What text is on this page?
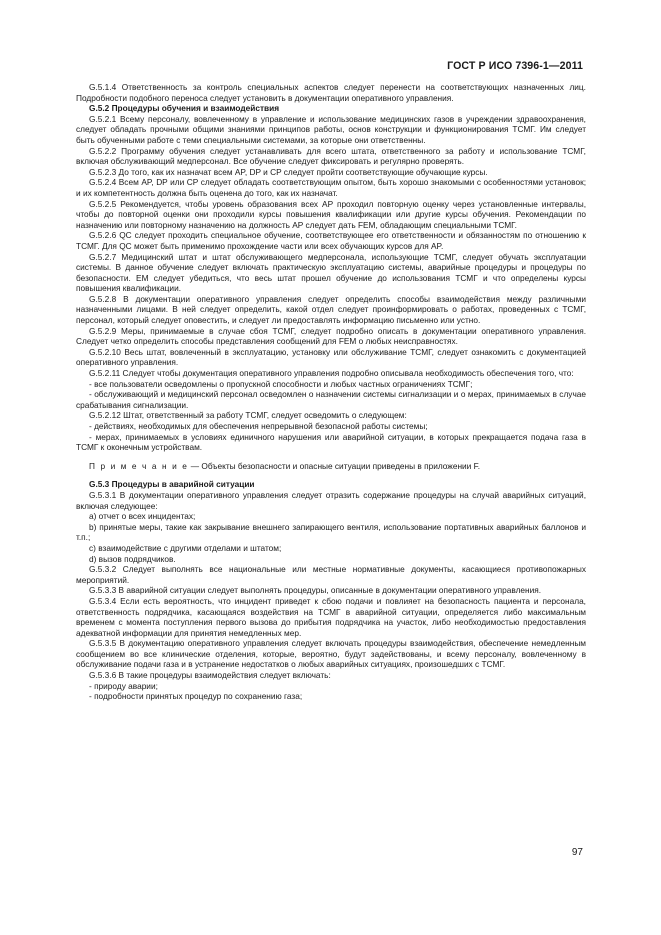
ГОСТ Р ИСО 7396-1—2011

G.5.1.4 Ответственность за контроль специальных аспектов следует перенести на соответствующих назначенных лиц. Подробности подобного переноса следует установить в документации оперативного управления.

G.5.2 Процедуры обучения и взаимодействия

G.5.2.1 Всему персоналу, вовлеченному в управление и использование медицинских газов в учреждении здравоохранения, следует обладать прочными общими знаниями принципов работы, основ конструкции и функционирования ТСМГ. Им следует быть обученными работе с теми специальными системами, за которые они ответственны.

G.5.2.2 Программу обучения следует устанавливать для всего штата, ответственного за работу и использование ТСМГ, включая обслуживающий медперсонал. Все обучение следует фиксировать и регулярно проверять.

G.5.2.3 До того, как их назначат всем AP, DP и CP следует пройти соответствующие обучающие курсы.

G.5.2.4 Всем AP, DP или CP следует обладать соответствующим опытом, быть хорошо знакомыми с особенностями установок; и их компетентность должна быть оценена до того, как их назначат.

G.5.2.5 Рекомендуется, чтобы уровень образования всех AP проходил повторную оценку через установленные интервалы, чтобы до повторной оценки они проходили курсы повышения квалификации или другие курсы обучения. Рекомендации по назначению или повторному назначению на должность AP следует дать FEM, обладающим специальными ТСМГ.

G.5.2.6 QC следует проходить специальное обучение, соответствующее его ответственности и обязанностям по отношению к ТСМГ. Для QC может быть применимо прохождение части или всех обучающих курсов для AP.

G.5.2.7 Медицинский штат и штат обслуживающего медперсонала, использующие ТСМГ, следует обучать эксплуатации системы. В данное обучение следует включать практическую эксплуатацию системы, аварийные процедуры и процедуры по безопасности. EM следует убедиться, что весь штат прошел обучение до использования ТСМГ и что определены курсы повышения квалификации.

G.5.2.8 В документации оперативного управления следует определить способы взаимодействия между различными назначенными лицами. В ней следует определить, какой отдел следует проинформировать о работах, проведенных с ТСМГ, персонал, который следует оповестить, и следует ли предоставлять информацию письменно или устно.

G.5.2.9 Меры, принимаемые в случае сбоя ТСМГ, следует подробно описать в документации оперативного управления. Следует четко определить способы представления сообщений для FEM о любых неисправностях.

G.5.2.10 Весь штат, вовлеченный в эксплуатацию, установку или обслуживание ТСМГ, следует ознакомить с документацией оперативного управления.

G.5.2.11 Следует чтобы документация оперативного управления подробно описывала необходимость обеспечения того, что:

- все пользователи осведомлены о пропускной способности и любых частных ограничениях ТСМГ;

- обслуживающий и медицинский персонал осведомлен о назначении системы сигнализации и о мерах, принимаемых в случае срабатывания сигнализации.

G.5.2.12 Штат, ответственный за работу ТСМГ, следует осведомить о следующем:

- действиях, необходимых для обеспечения непрерывной безопасной работы системы;

- мерах, принимаемых в условиях единичного нарушения или аварийной ситуации, в которых прекращается подача газа в ТСМГ к оконечным устройствам.

П р и м е ч а н и е — Объекты безопасности и опасные ситуации приведены в приложении F.

G.5.3 Процедуры в аварийной ситуации

G.5.3.1 В документации оперативного управления следует отразить содержание процедуры на случай аварийных ситуаций, включая следующее:

a) отчет о всех инцидентах;

b) принятые меры, такие как закрывание внешнего запирающего вентиля, использование портативных аварийных баллонов и т.п.;

c) взаимодействие с другими отделами и штатом;

d) вызов подрядчиков.

G.5.3.2 Следует выполнять все национальные или местные нормативные документы, касающиеся противопожарных мероприятий.

G.5.3.3 В аварийной ситуации следует выполнять процедуры, описанные в документации оперативного управления.

G.5.3.4 Если есть вероятность, что инцидент приведет к сбою подачи и повлияет на безопасность пациента и персонала, ответственность подрядчика, касающаяся воздействия на ТСМГ в аварийной ситуации, определяется либо максимальным временем с момента поступления первого вызова до прибытия подрядчика на участок, либо необходимостью предоставления адекватной информации для принятия немедленных мер.

G.5.3.5 В документацию оперативного управления следует включать процедуры взаимодействия, обеспечение немедленным сообщением во все клинические отделения, которые, вероятно, будут задействованы, и всему персоналу, вовлеченному в обслуживание подачи газа и в устранение недостатков о любых аварийных ситуациях, произошедших с ТСМГ.

G.5.3.6 В такие процедуры взаимодействия следует включать:

- природу аварии;

- подробности принятых процедур по сохранению газа;

97
